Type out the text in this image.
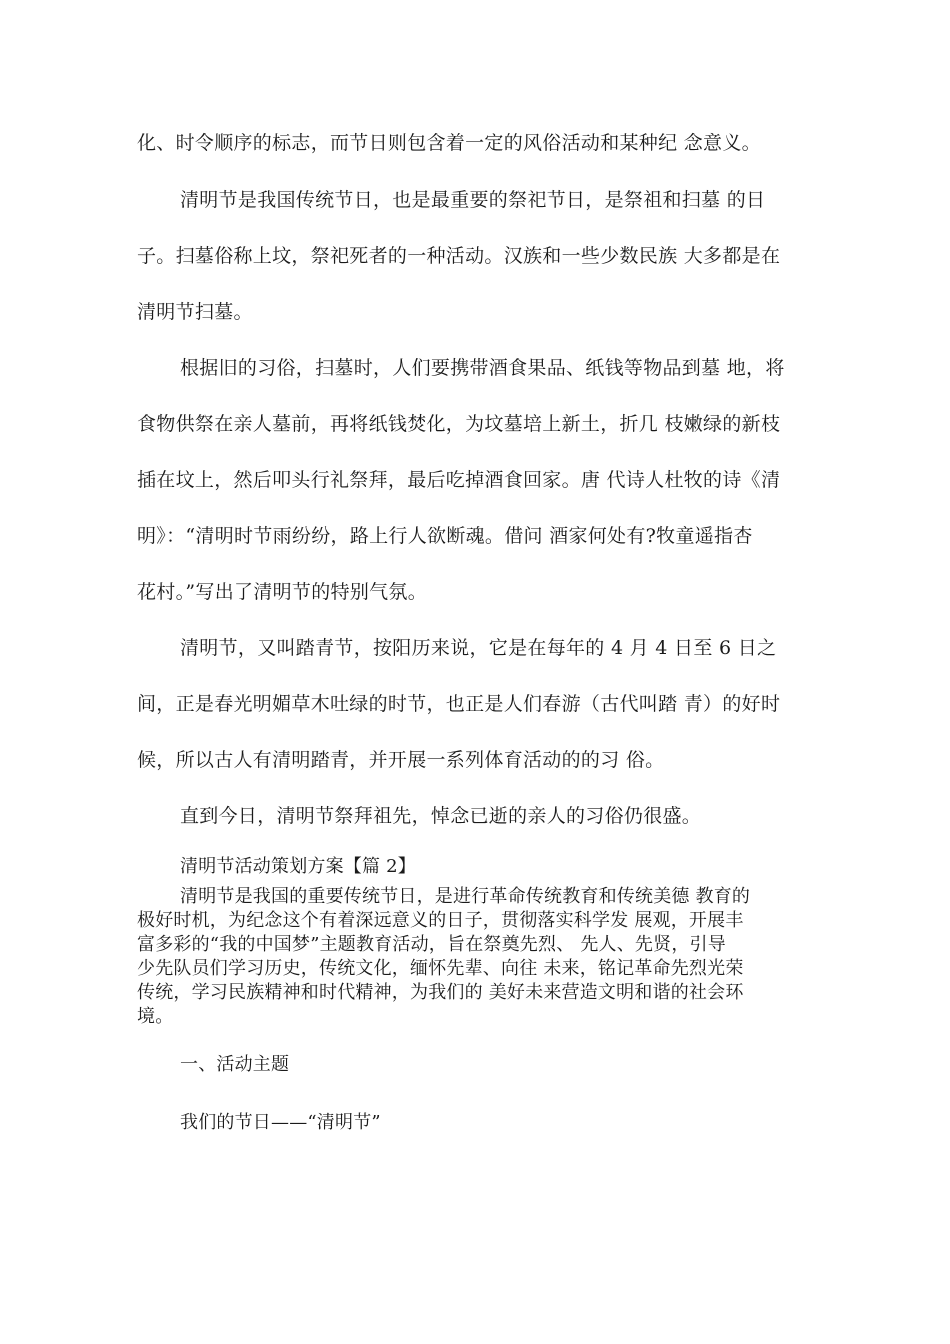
化、时令顺序的标志，而节日则包含着一定的风俗活动和某种纪 念意义。
清明节是我国传统节日，也是最重要的祭祀节日，是祭祖和扫墓 的日
子。扫墓俗称上坟，祭祀死者的一种活动。汉族和一些少数民族 大多都是在
清明节扫墓。
根据旧的习俗，扫墓时，人们要携带酒食果品、纸钱等物品到墓 地，将
食物供祭在亲人墓前，再将纸钱焚化，为坟墓培上新土，折几 枝嫩绿的新枝
插在坟上，然后叩头行礼祭拜，最后吃掉酒食回家。唐 代诗人杜牧的诗《清
明》：“清明时节雨纷纷，路上行人欲断魂。借问 酒家何处有?牧童遥指杏
花村。”写出了清明节的特别气氛。
清明节，又叫踏青节，按阳历来说，它是在每年的 4 月 4 日至 6 日之
间，正是春光明媚草木吐绿的时节，也正是人们春游（古代叫踏 青）的好时
候，所以古人有清明踏青，并开展一系列体育活动的的习 俗。
直到今日，清明节祭拜祖先，悼念已逝的亲人的习俗仍很盛。
清明节活动策划方案【篇 2】
清明节是我国的重要传统节日，是进行革命传统教育和传统美德 教育的
极好时机，为纪念这个有着深远意义的日子，贯彻落实科学发 展观，开展丰
富多彩的“我的中国梦”主题教育活动，旨在祭奠先烈、 先人、先贤，引导
少先队员们学习历史，传统文化，缅怀先辈、向往 未来，铭记革命先烈光荣
传统，学习民族精神和时代精神，为我们的 美好未来营造文明和谐的社会环
境。
一、活动主题
我们的节日——“清明节”
